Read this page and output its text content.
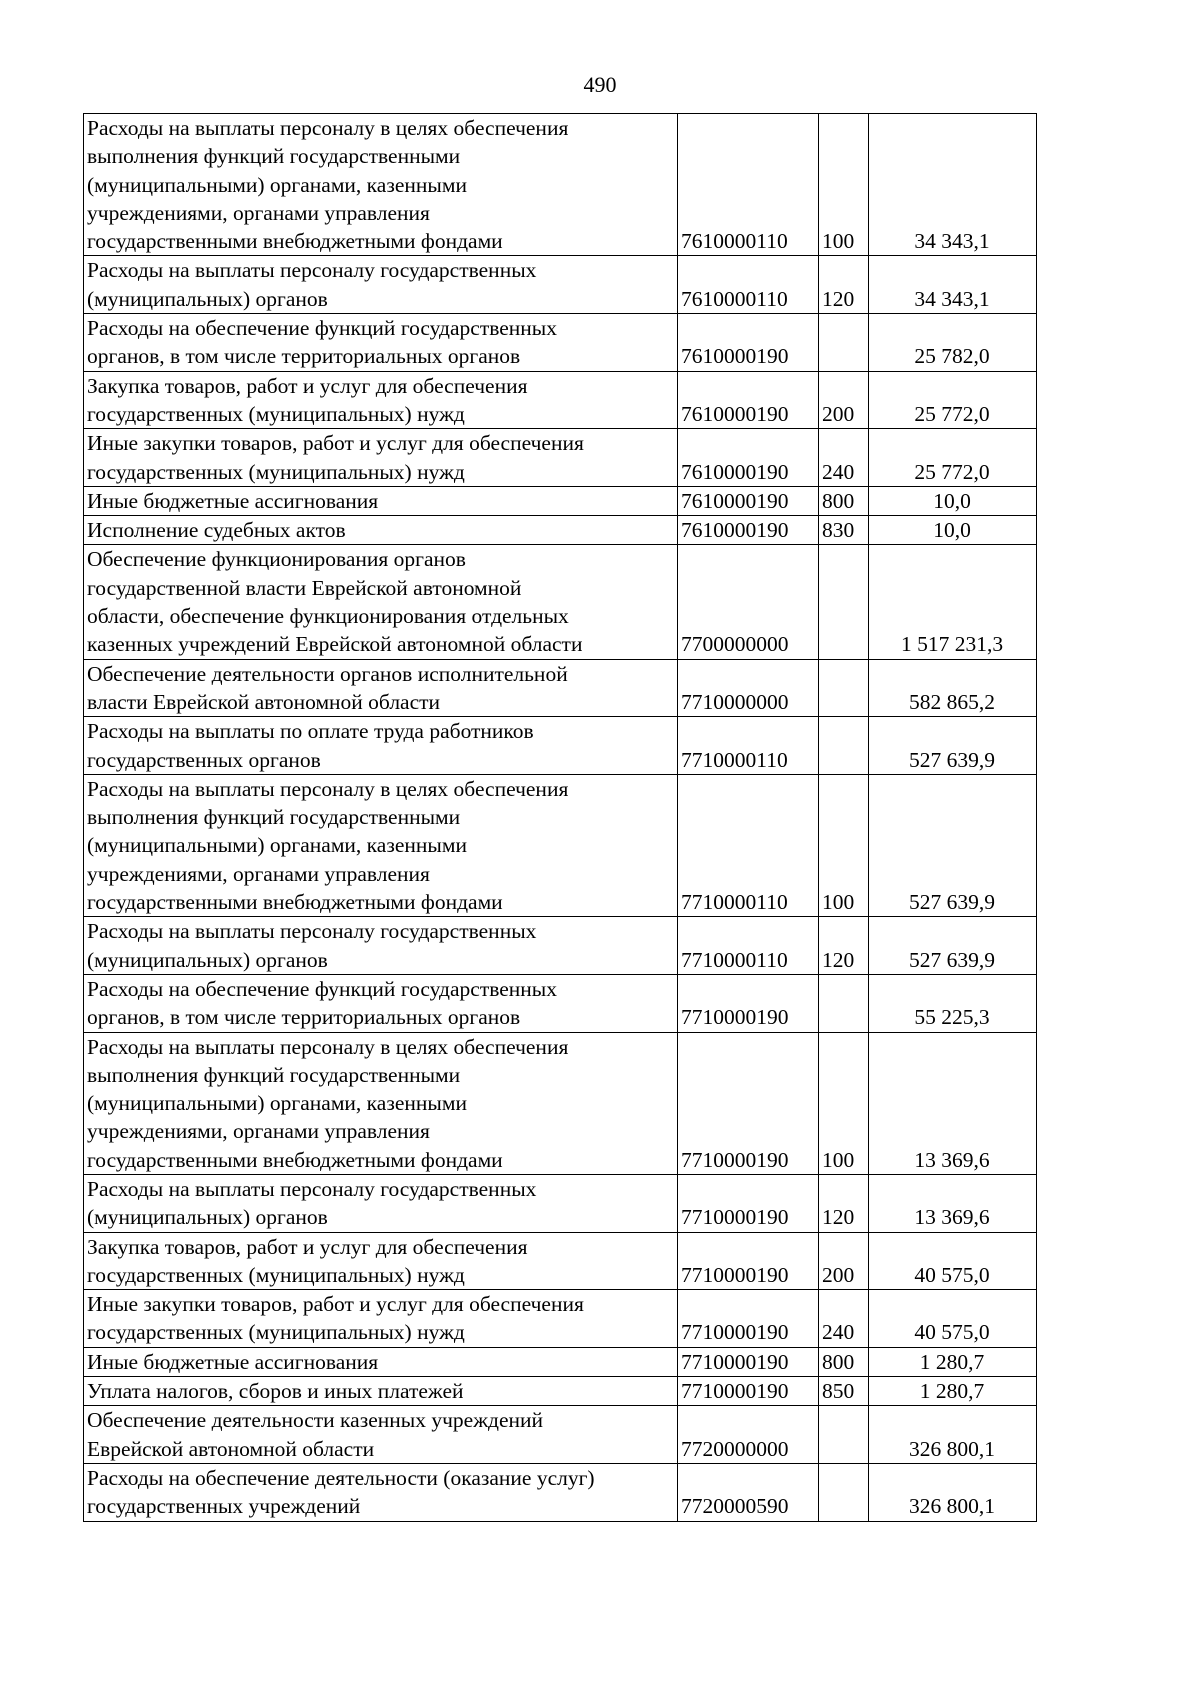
490
Расходы на выплаты персоналу в целях обеспечения
выполнения функций государственными
(муниципальными) органами, казенными
учреждениями, органами управления
государственными внебюджетными фондами	7610000110	100	34 343,1

Расходы на выплаты персоналу государственных
(муниципальных) органов	7610000110	120	34 343,1

Расходы на обеспечение функций государственных
органов, в том числе территориальных органов	7610000190		25 782,0

Закупка товаров, работ и услуг для обеспечения
государственных (муниципальных) нужд	7610000190	200	25 772,0

Иные закупки товаров, работ и услуг для обеспечения
государственных (муниципальных) нужд	7610000190	240	25 772,0

Иные бюджетные ассигнования	7610000190	800	10,0

Исполнение судебных актов	7610000190	830	10,0

Обеспечение функционирования органов
государственной власти Еврейской автономной
области, обеспечение функционирования отдельных
казенных учреждений Еврейской автономной области	7700000000		1 517 231,3

Обеспечение деятельности органов исполнительной
власти Еврейской автономной области	7710000000		582 865,2

Расходы на выплаты по оплате труда работников
государственных органов	7710000110		527 639,9

Расходы на выплаты персоналу в целях обеспечения
выполнения функций государственными
(муниципальными) органами, казенными
учреждениями, органами управления
государственными внебюджетными фондами	7710000110	100	527 639,9

Расходы на выплаты персоналу государственных
(муниципальных) органов	7710000110	120	527 639,9

Расходы на обеспечение функций государственных
органов, в том числе территориальных органов	7710000190		55 225,3

Расходы на выплаты персоналу в целях обеспечения
выполнения функций государственными
(муниципальными) органами, казенными
учреждениями, органами управления
государственными внебюджетными фондами	7710000190	100	13 369,6

Расходы на выплаты персоналу государственных
(муниципальных) органов	7710000190	120	13 369,6

Закупка товаров, работ и услуг для обеспечения
государственных (муниципальных) нужд	7710000190	200	40 575,0

Иные закупки товаров, работ и услуг для обеспечения
государственных (муниципальных) нужд	7710000190	240	40 575,0

Иные бюджетные ассигнования	7710000190	800	1 280,7

Уплата налогов, сборов и иных платежей	7710000190	850	1 280,7

Обеспечение деятельности казенных учреждений
Еврейской автономной области	7720000000		326 800,1

Расходы на обеспечение деятельности (оказание услуг)
государственных учреждений	7720000590		326 800,1
